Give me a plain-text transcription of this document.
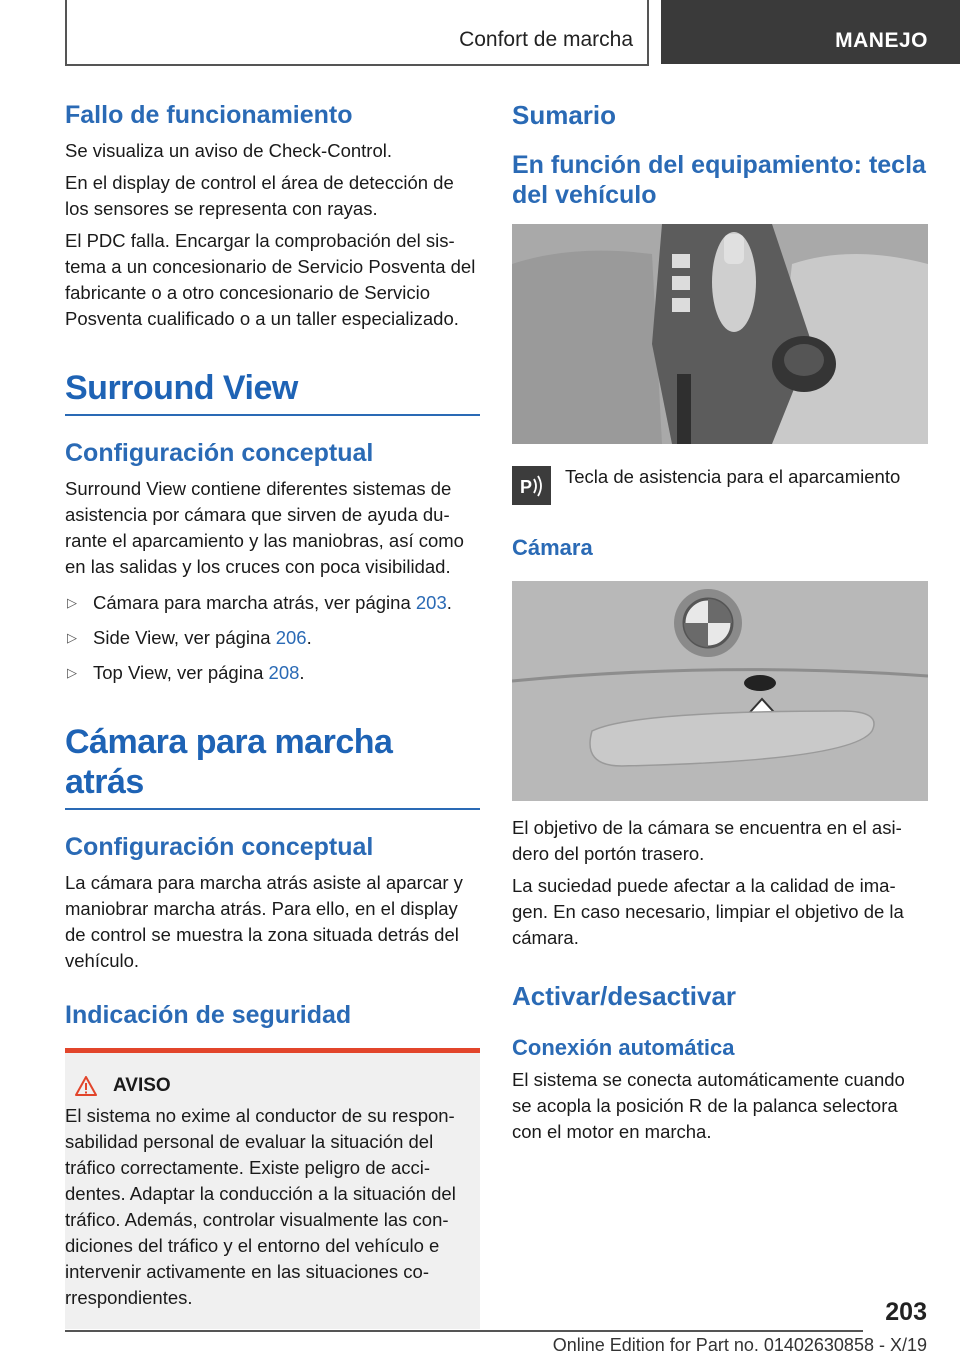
Confort de marcha	MANEJO
Fallo de funcionamiento
Se visualiza un aviso de Check-Control.
En el display de control el área de detección de los sensores se representa con rayas.
El PDC falla. Encargar la comprobación del sis-tema a un concesionario de Servicio Posventa del fabricante o a otro concesionario de Servicio Posventa cualificado o a un taller especializado.
Surround View
Configuración conceptual
Surround View contiene diferentes sistemas de asistencia por cámara que sirven de ayuda du-rante el aparcamiento y las maniobras, así como en las salidas y los cruces con poca visibilidad.
▷ Cámara para marcha atrás, ver página 203.
▷ Side View, ver página 206.
▷ Top View, ver página 208.
Cámara para marcha atrás
Configuración conceptual
La cámara para marcha atrás asiste al aparcar y maniobrar marcha atrás. Para ello, en el display de control se muestra la zona situada detrás del vehículo.
Indicación de seguridad
AVISO
El sistema no exime al conductor de su respon-sabilidad personal de evaluar la situación del tráfico correctamente. Existe peligro de acci-dentes. Adaptar la conducción a la situación del tráfico. Además, controlar visualmente las con-diciones del tráfico y el entorno del vehículo e intervenir activamente en las situaciones co-rrespondientes.
Sumario
En función del equipamiento: tecla del vehículo
P Tecla de asistencia para el aparcamiento
Cámara
El objetivo de la cámara se encuentra en el asi-dero del portón trasero.
La suciedad puede afectar a la calidad de ima-gen. En caso necesario, limpiar el objetivo de la cámara.
Activar/desactivar
Conexión automática
El sistema se conecta automáticamente cuando se acopla la posición R de la palanca selectora con el motor en marcha.
203
Online Edition for Part no. 01402630858 - X/19
